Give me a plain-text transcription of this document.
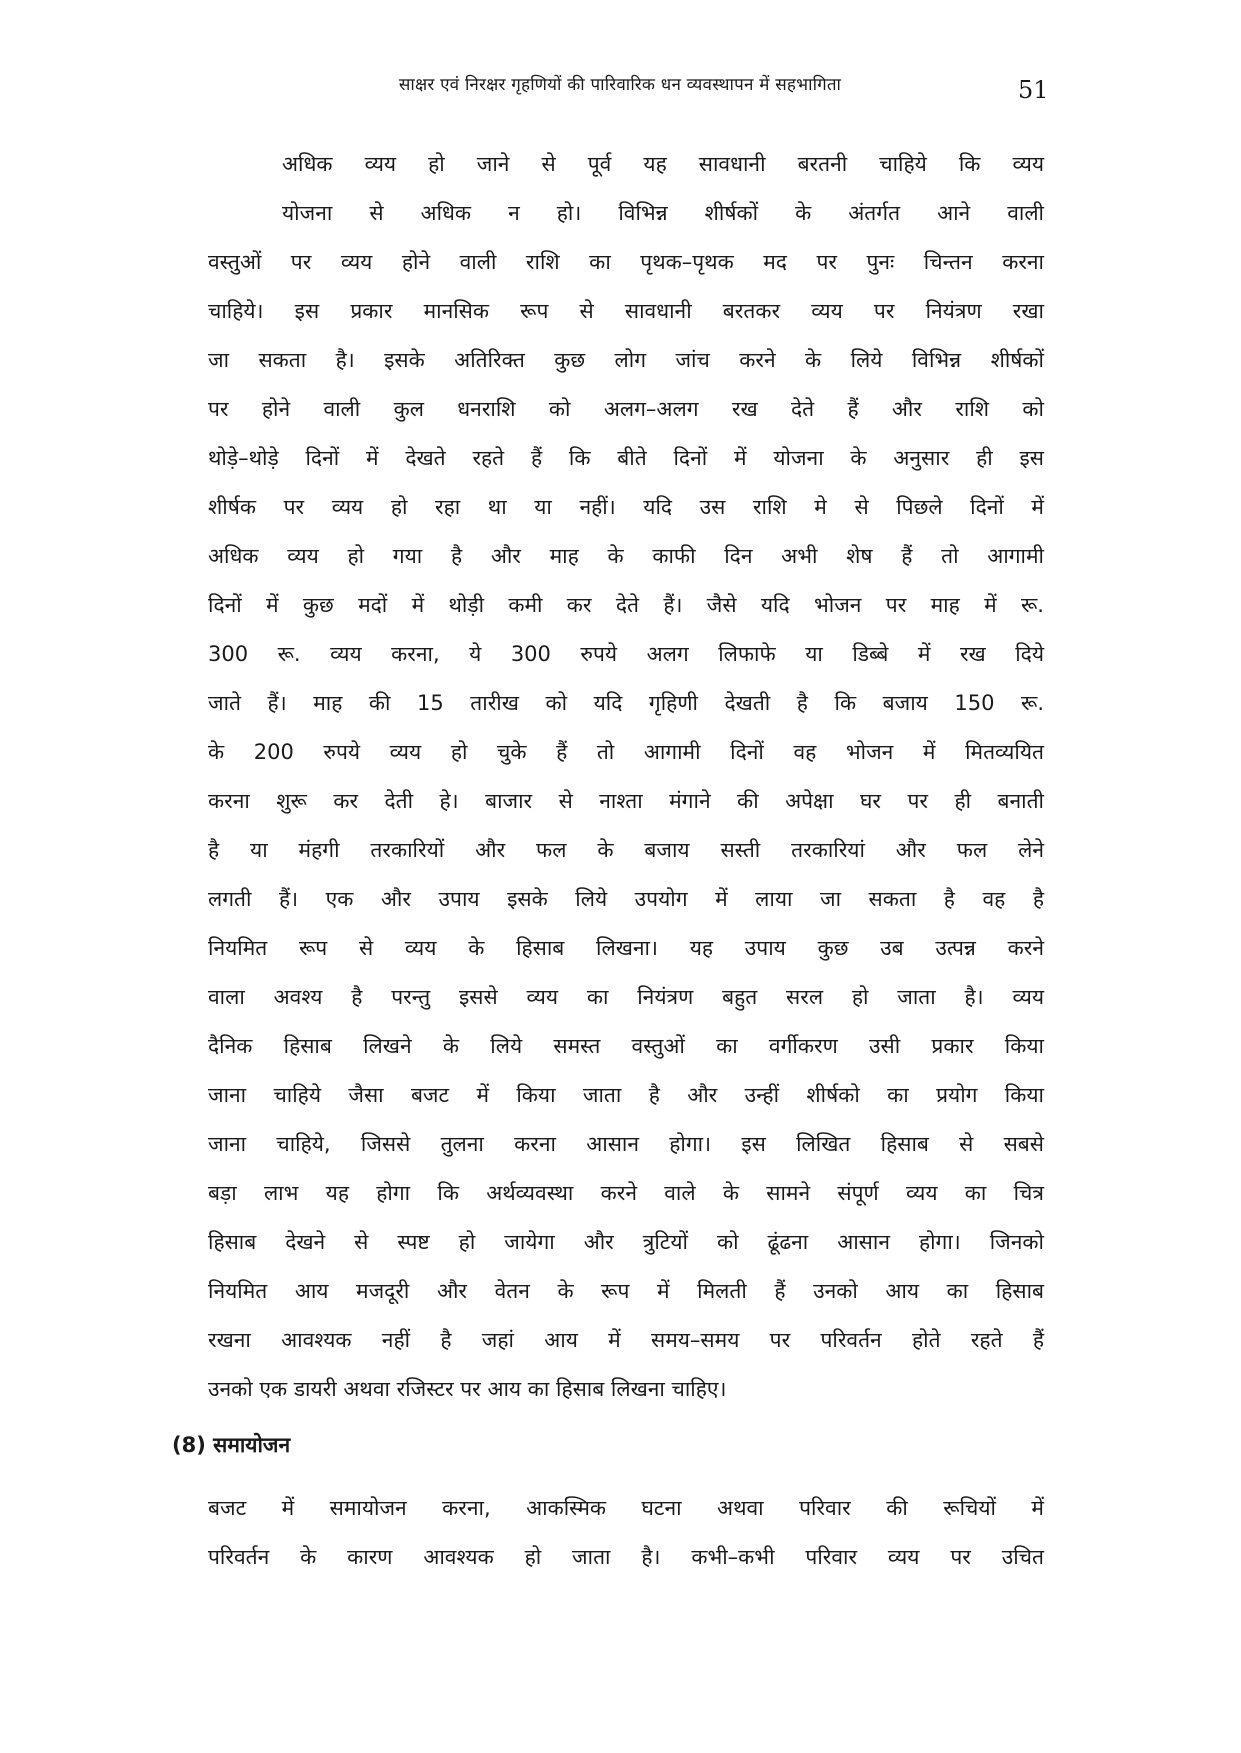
साक्षर एवं निरक्षर गृहणियों की पारिवारिक धन व्यवस्थापन में सहभागिता	51
अधिक व्यय हो जाने से पूर्व यह सावधानी बरतनी चाहिये कि व्यय
योजना से अधिक न हो। विभिन्न शीर्षकों के अंतर्गत आने वाली
वस्तुओं पर व्यय होने वाली राशि का पृथक–पृथक मद पर पुनः चिन्तन करना
चाहिये। इस प्रकार मानसिक रूप से सावधानी बरतकर व्यय पर नियंत्रण रखा
जा सकता है। इसके अतिरिक्त कुछ लोग जांच करने के लिये विभिन्न शीर्षकों
पर होने वाली कुल धनराशि को अलग–अलग रख देते हैं और राशि को
थोड़े–थोड़े दिनों में देखते रहते हैं कि बीते दिनों में योजना के अनुसार ही इस
शीर्षक पर व्यय हो रहा था या नहीं। यदि उस राशि मे से पिछले दिनों में
अधिक व्यय हो गया है और माह के काफी दिन अभी शेष हैं तो आगामी
दिनों में कुछ मदों में थोड़ी कमी कर देते हैं। जैसे यदि भोजन पर माह में रू.
300 रू. व्यय करना, ये 300 रुपये अलग लिफाफे या डिब्बे में रख दिये
जाते हैं। माह की 15 तारीख को यदि गृहिणी देखती है कि बजाय 150 रू.
के 200 रुपये व्यय हो चुके हैं तो आगामी दिनों वह भोजन में मितव्ययित
करना शुरू कर देती हे। बाजार से नाश्ता मंगाने की अपेक्षा घर पर ही बनाती
है या मंहगी तरकारियों और फल के बजाय सस्ती तरकारियां और फल लेने
लगती हैं। एक और उपाय इसके लिये उपयोग में लाया जा सकता है वह है
नियमित रूप से व्यय के हिसाब लिखना। यह उपाय कुछ उब उत्पन्न करने
वाला अवश्य है परन्तु इससे व्यय का नियंत्रण बहुत सरल हो जाता है। व्यय
दैनिक हिसाब लिखने के लिये समस्त वस्तुओं का वर्गीकरण उसी प्रकार किया
जाना चाहिये जैसा बजट में किया जाता है और उन्हीं शीर्षको का प्रयोग किया
जाना चाहिये, जिससे तुलना करना आसान होगा। इस लिखित हिसाब से सबसे
बड़ा लाभ यह होगा कि अर्थव्यवस्था करने वाले के सामने संपूर्ण व्यय का चित्र
हिसाब देखने से स्पष्ट हो जायेगा और त्रुटियों को ढूंढना आसान होगा। जिनको
नियमित आय मजदूरी और वेतन के रूप में मिलती हैं उनको आय का हिसाब
रखना आवश्यक नहीं है जहां आय में समय–समय पर परिवर्तन होते रहते हैं
उनको एक डायरी अथवा रजिस्टर पर आय का हिसाब लिखना चाहिए।
(8) समायोजन
बजट में समायोजन करना, आकस्मिक घटना अथवा परिवार की रूचियों में
परिवर्तन के कारण आवश्यक हो जाता है। कभी–कभी परिवार व्यय पर उचित
